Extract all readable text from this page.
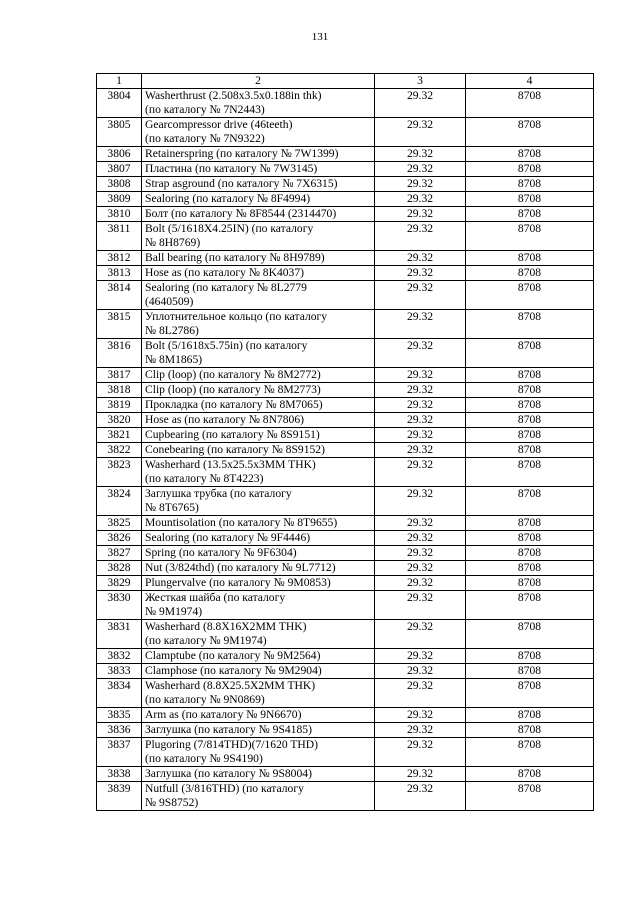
131
1	2	3	4
3804	Washerthrust (2.508x3.5x0.188in thk)
(по каталогу № 7N2443)	29.32	8708
3805	Gearcompressor drive (46teeth)
(по каталогу № 7N9322)	29.32	8708
3806	Retainerspring (по каталогу № 7W1399)	29.32	8708
3807	Пластина (по каталогу № 7W3145)	29.32	8708
3808	Strap asground (по каталогу № 7X6315)	29.32	8708
3809	Sealoring (по каталогу № 8F4994)	29.32	8708
3810	Болт (по каталогу № 8F8544 (2314470)	29.32	8708
3811	Bolt (5/1618X4.25IN) (по каталогу
№ 8H8769)	29.32	8708
3812	Ball bearing (по каталогу № 8H9789)	29.32	8708
3813	Hose as (по каталогу № 8K4037)	29.32	8708
3814	Sealoring (по каталогу № 8L2779
(4640509)	29.32	8708
3815	Уплотнительное кольцо (по каталогу
№ 8L2786)	29.32	8708
3816	Bolt (5/1618x5.75in) (по каталогу
№ 8M1865)	29.32	8708
3817	Clip (loop) (по каталогу № 8M2772)	29.32	8708
3818	Clip (loop) (по каталогу № 8M2773)	29.32	8708
3819	Прокладка (по каталогу № 8M7065)	29.32	8708
3820	Hose as (по каталогу № 8N7806)	29.32	8708
3821	Cupbearing (по каталогу № 8S9151)	29.32	8708
3822	Conebearing (по каталогу № 8S9152)	29.32	8708
3823	Washerhard (13.5x25.5x3MM THK)
(по каталогу № 8T4223)	29.32	8708
3824	Заглушка трубка (по каталогу
№ 8T6765)	29.32	8708
3825	Mountisolation (по каталогу № 8T9655)	29.32	8708
3826	Sealoring (по каталогу № 9F4446)	29.32	8708
3827	Spring (по каталогу № 9F6304)	29.32	8708
3828	Nut (3/824thd) (по каталогу № 9L7712)	29.32	8708
3829	Plungervalve (по каталогу № 9M0853)	29.32	8708
3830	Жесткая шайба (по каталогу
№ 9M1974)	29.32	8708
3831	Washerhard (8.8X16X2MM THK)
(по каталогу № 9M1974)	29.32	8708
3832	Clamptube (по каталогу № 9M2564)	29.32	8708
3833	Clamphose (по каталогу № 9M2904)	29.32	8708
3834	Washerhard (8.8X25.5X2MM THK)
(по каталогу № 9N0869)	29.32	8708
3835	Arm as (по каталогу № 9N6670)	29.32	8708
3836	Заглушка (по каталогу № 9S4185)	29.32	8708
3837	Plugoring (7/814THD)(7/1620 THD)
(по каталогу № 9S4190)	29.32	8708
3838	Заглушка (по каталогу № 9S8004)	29.32	8708
3839	Nutfull (3/816THD) (по каталогу
№ 9S8752)	29.32	8708
